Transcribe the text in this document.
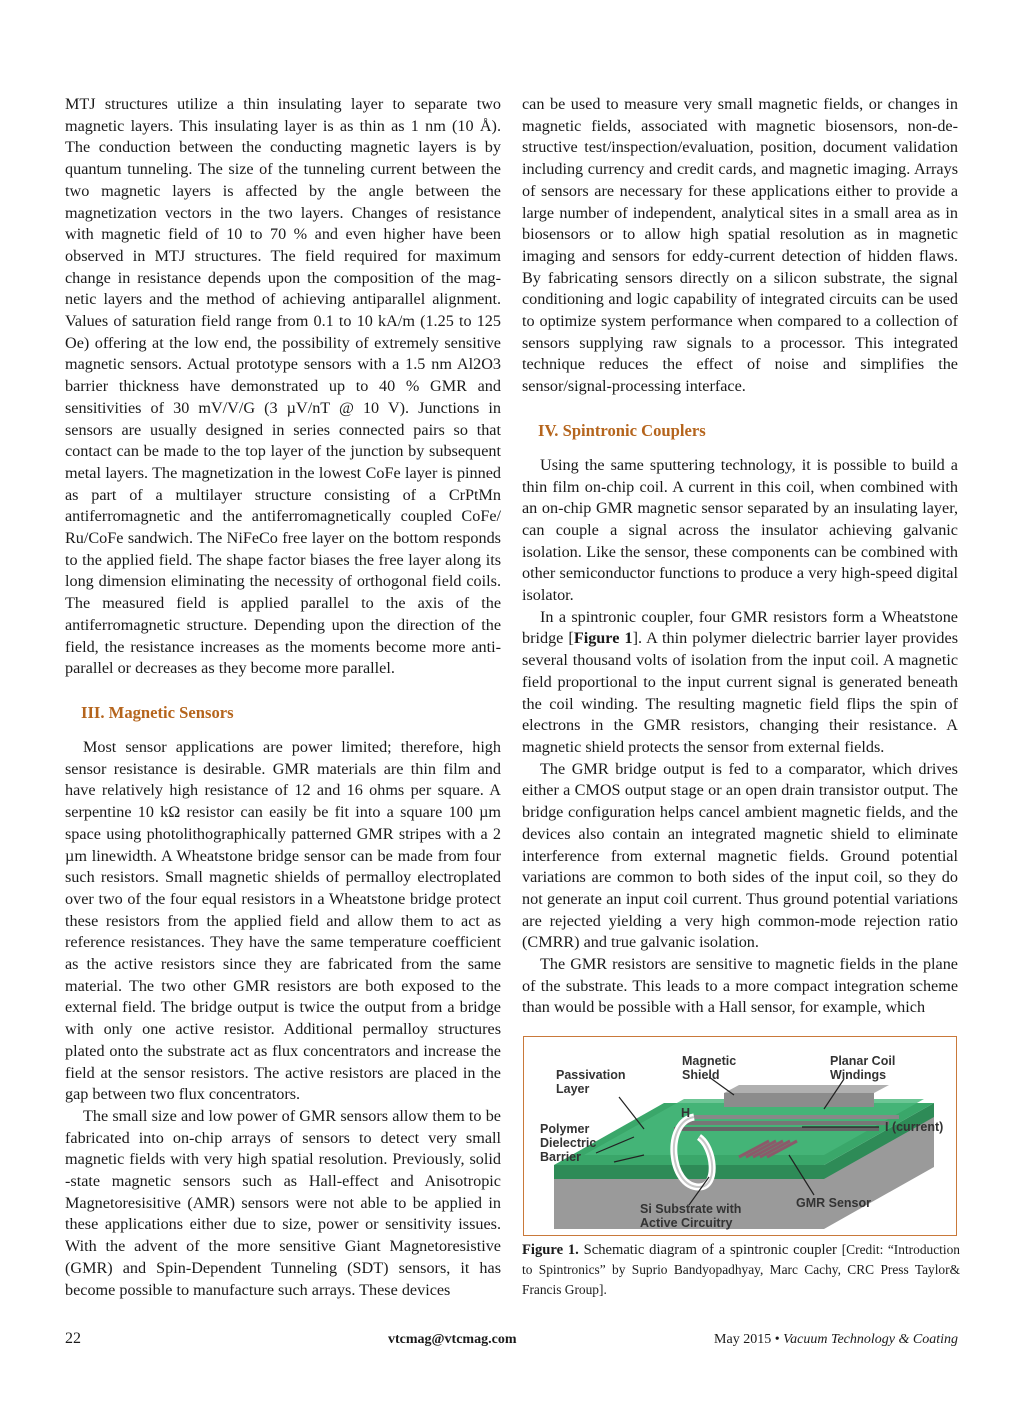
MTJ structures utilize a thin insulating layer to separate two magnetic layers. This insulating layer is as thin as 1 nm (10 Å). The conduction between the conducting magnetic layers is by quantum tunneling. The size of the tunneling current between the two magnetic layers is affected by the angle between the magnetization vectors in the two layers. Changes of resistance with magnetic field of 10 to 70 % and even higher have been observed in MTJ structures. The field required for maximum change in resistance depends upon the composition of the magnetic layers and the method of achieving antiparallel alignment. Values of saturation field range from 0.1 to 10 kA/m (1.25 to 125 Oe) offering at the low end, the possibility of extremely sensitive magnetic sensors. Actual prototype sensors with a 1.5 nm Al2O3 barrier thickness have demonstrated up to 40 % GMR and sensitivities of 30 mV/V/G (3 µV/nT @ 10 V). Junctions in sensors are usually designed in series connected pairs so that contact can be made to the top layer of the junction by subsequent metal layers. The magnetization in the lowest CoFe layer is pinned as part of a multilayer structure consisting of a CrPtMn antiferromagnetic and the antiferromagnetically coupled CoFe/ Ru/CoFe sandwich. The NiFeCo free layer on the bottom responds to the applied field. The shape factor biases the free layer along its long dimension eliminating the necessity of orthogonal field coils. The measured field is applied parallel to the axis of the antiferromagnetic structure. Depending upon the direction of the field, the resistance increases as the moments become more anti-parallel or decreases as they become more parallel.

III. Magnetic Sensors

Most sensor applications are power limited; therefore, high sensor resistance is desirable. GMR materials are thin film and have relatively high resistance of 12 and 16 ohms per square. A serpentine 10 kΩ resistor can easily be fit into a square 100 µm space using photolithographically patterned GMR stripes with a 2 µm linewidth. A Wheatstone bridge sensor can be made from four such resistors. Small magnetic shields of permalloy electroplated over two of the four equal resistors in a Wheatstone bridge protect these resistors from the applied field and allow them to act as reference resistances. They have the same temperature coefficient as the active resistors since they are fabricated from the same material. The two other GMR resistors are both exposed to the external field. The bridge output is twice the output from a bridge with only one active resistor. Additional permalloy structures plated onto the substrate act as flux concentrators and increase the field at the sensor resistors. The active resistors are placed in the gap between two flux concentrators.

The small size and low power of GMR sensors allow them to be fabricated into on-chip arrays of sensors to detect very small magnetic fields with very high spatial resolution. Previously, solid -state magnetic sensors such as Hall-effect and Anisotropic Magnetoresisitive (AMR) sensors were not able to be applied in these applications either due to size, power or sensitivity issues. With the advent of the more sensitive Giant Magnetoresistive (GMR) and Spin-Dependent Tunneling (SDT) sensors, it has become possible to manufacture such arrays. These devices

can be used to measure very small magnetic fields, or changes in magnetic fields, associated with magnetic biosensors, non-destructive test/inspection/evaluation, position, document validation including currency and credit cards, and magnetic imaging. Arrays of sensors are necessary for these applications either to provide a large number of independent, analytical sites in a small area as in biosensors or to allow high spatial resolution as in magnetic imaging and sensors for eddy-current detection of hidden flaws. By fabricating sensors directly on a silicon substrate, the signal conditioning and logic capability of integrated circuits can be used to optimize system performance when compared to a collection of sensors supplying raw signals to a processor. This integrated technique reduces the effect of noise and simplifies the sensor/signal-processing interface.

IV. Spintronic Couplers

Using the same sputtering technology, it is possible to build a thin film on-chip coil. A current in this coil, when combined with an on-chip GMR magnetic sensor separated by an insulating layer, can couple a signal across the insulator achieving galvanic isolation. Like the sensor, these components can be combined with other semiconductor functions to produce a very high-speed digital isolator.

In a spintronic coupler, four GMR resistors form a Wheatstone bridge [Figure 1]. A thin polymer dielectric barrier layer provides several thousand volts of isolation from the input coil. A magnetic field proportional to the input current signal is generated beneath the coil winding. The resulting magnetic field flips the spin of electrons in the GMR resistors, changing their resistance. A magnetic shield protects the sensor from external fields.

The GMR bridge output is fed to a comparator, which drives either a CMOS output stage or an open drain transistor output. The bridge configuration helps cancel ambient magnetic fields, and the devices also contain an integrated magnetic shield to eliminate interference from external magnetic fields. Ground potential variations are common to both sides of the input coil, so they do not generate an input coil current. Thus ground potential variations are rejected yielding a very high common-mode rejection ratio (CMRR) and true galvanic isolation.

The GMR resistors are sensitive to magnetic fields in the plane of the substrate. This leads to a more compact integration scheme than would be possible with a Hall sensor, for example, which

Passivation
Layer
Magnetic
Shield
Planar Coil
Windings
Polymer
Dielectric
Barrier
H
I (current)
Si Substrate with
Active Circuitry
GMR Sensor
Figure 1. Schematic diagram of a spintronic coupler [Credit: “Introduction to Spintronics” by Suprio Bandyopadhyay, Marc Cachy, CRC Press Taylor& Francis Group].
22	vtcmag@vtcmag.com	May 2015 • Vacuum Technology & Coating
